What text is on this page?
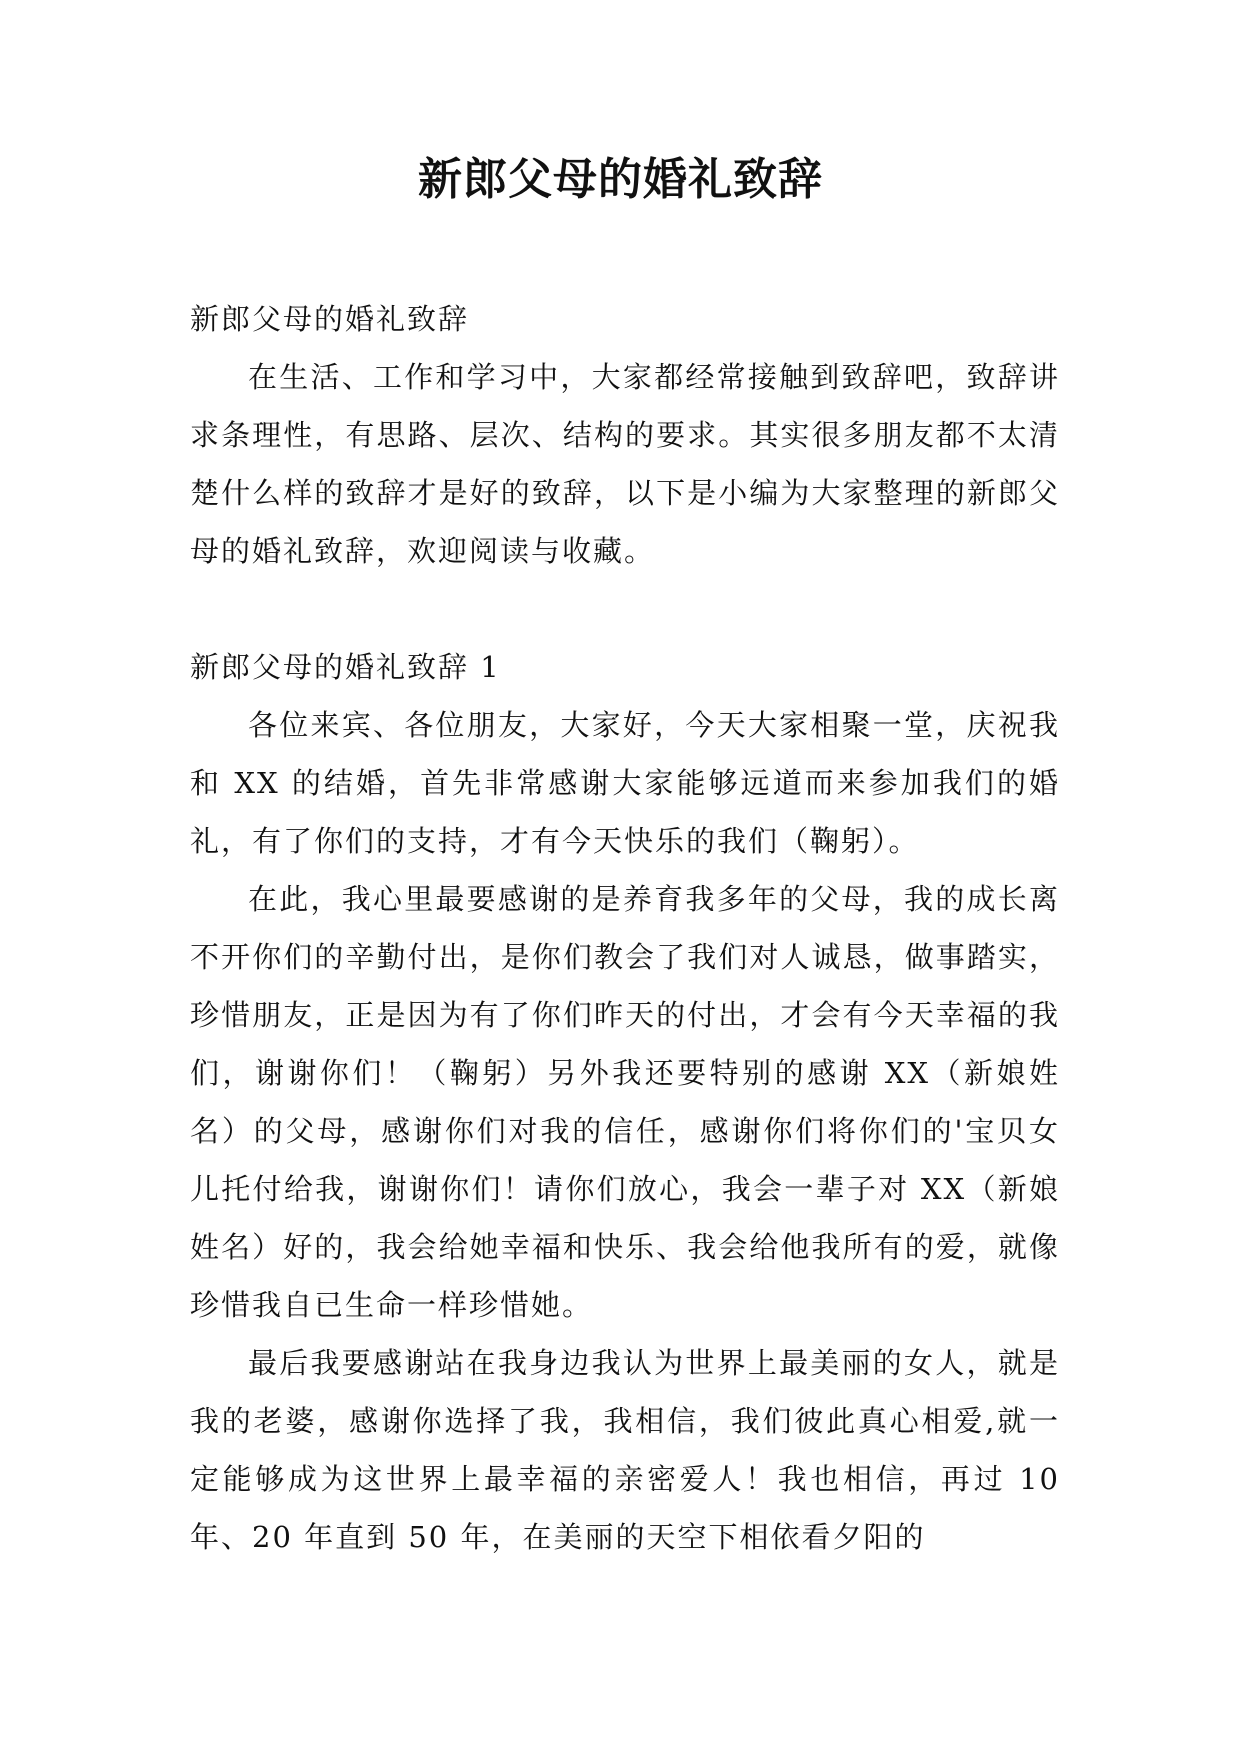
新郎父母的婚礼致辞

新郎父母的婚礼致辞

在生活、工作和学习中，大家都经常接触到致辞吧，致辞讲求条理性，有思路、层次、结构的要求。其实很多朋友都不太清楚什么样的致辞才是好的致辞，以下是小编为大家整理的新郎父母的婚礼致辞，欢迎阅读与收藏。

新郎父母的婚礼致辞 1

各位来宾、各位朋友，大家好，今天大家相聚一堂，庆祝我和 XX 的结婚，首先非常感谢大家能够远道而来参加我们的婚礼，有了你们的支持，才有今天快乐的我们（鞠躬）。

在此，我心里最要感谢的是养育我多年的父母，我的成长离不开你们的辛勤付出，是你们教会了我们对人诚恳，做事踏实，珍惜朋友，正是因为有了你们昨天的付出，才会有今天幸福的我们，谢谢你们！（鞠躬）另外我还要特别的感谢 XX（新娘姓名）的父母，感谢你们对我的信任，感谢你们将你们的'宝贝女儿托付给我，谢谢你们！请你们放心，我会一辈子对 XX（新娘姓名）好的，我会给她幸福和快乐、我会给他我所有的爱，就像珍惜我自已生命一样珍惜她。

最后我要感谢站在我身边我认为世界上最美丽的女人，就是我的老婆，感谢你选择了我，我相信，我们彼此真心相爱,就一定能够成为这世界上最幸福的亲密爱人！我也相信，再过 10 年、20 年直到 50 年，在美丽的天空下相依看夕阳的
